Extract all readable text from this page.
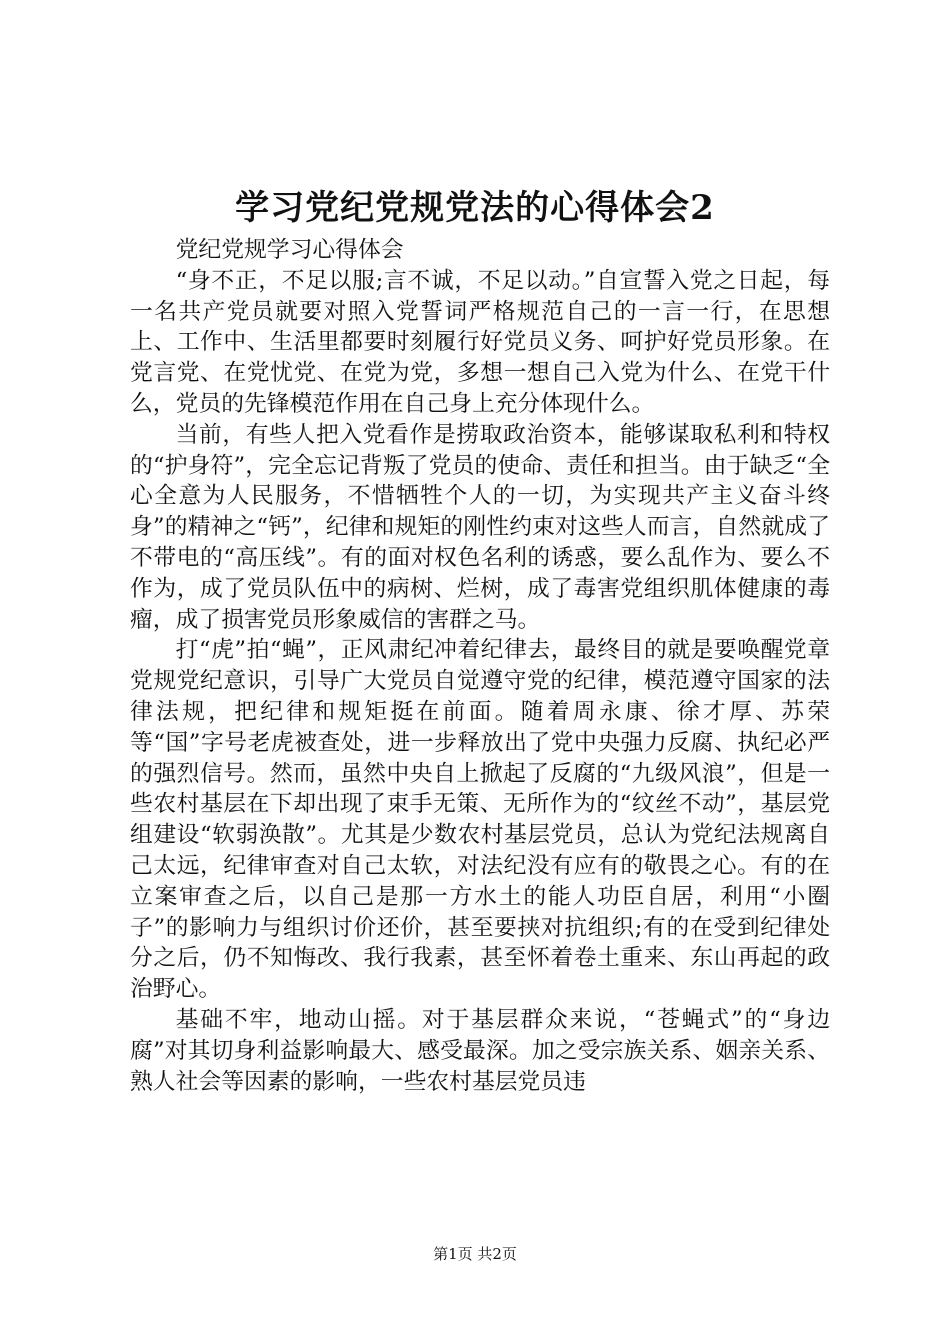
学习党纪党规党法的心得体会2

党纪党规学习心得体会

“身不正，不足以服;言不诚，不足以动。”自宣誓入党之日起，每一名共产党员就要对照入党誓词严格规范自己的一言一行，在思想上、工作中、生活里都要时刻履行好党员义务、呵护好党员形象。在党言党、在党忧党、在党为党，多想一想自己入党为什么、在党干什么，党员的先锋模范作用在自己身上充分体现什么。

当前，有些人把入党看作是捞取政治资本，能够谋取私利和特权的“护身符”，完全忘记背叛了党员的使命、责任和担当。由于缺乏“全心全意为人民服务，不惜牺牲个人的一切，为实现共产主义奋斗终身”的精神之“钙”，纪律和规矩的刚性约束对这些人而言，自然就成了不带电的“高压线”。有的面对权色名利的诱惑，要么乱作为、要么不作为，成了党员队伍中的病树、烂树，成了毒害党组织肌体健康的毒瘤，成了损害党员形象威信的害群之马。

打“虎”拍“蝇”，正风肃纪冲着纪律去，最终目的就是要唤醒党章党规党纪意识，引导广大党员自觉遵守党的纪律，模范遵守国家的法律法规，把纪律和规矩挺在前面。随着周永康、徐才厚、苏荣等“国”字号老虎被查处，进一步释放出了党中央强力反腐、执纪必严的强烈信号。然而，虽然中央自上掀起了反腐的“九级风浪”，但是一些农村基层在下却出现了束手无策、无所作为的“纹丝不动”，基层党组建设“软弱涣散”。尤其是少数农村基层党员，总认为党纪法规离自己太远，纪律审查对自己太软，对法纪没有应有的敬畏之心。有的在立案审查之后，以自己是那一方水土的能人功臣自居，利用“小圈子”的影响力与组织讨价还价，甚至要挟对抗组织;有的在受到纪律处分之后，仍不知悔改、我行我素，甚至怀着卷土重来、东山再起的政治野心。

基础不牢，地动山摇。对于基层群众来说，“苍蝇式”的“身边腐”对其切身利益影响最大、感受最深。加之受宗族关系、姻亲关系、熟人社会等因素的影响，一些农村基层党员违

第1页 共2页
